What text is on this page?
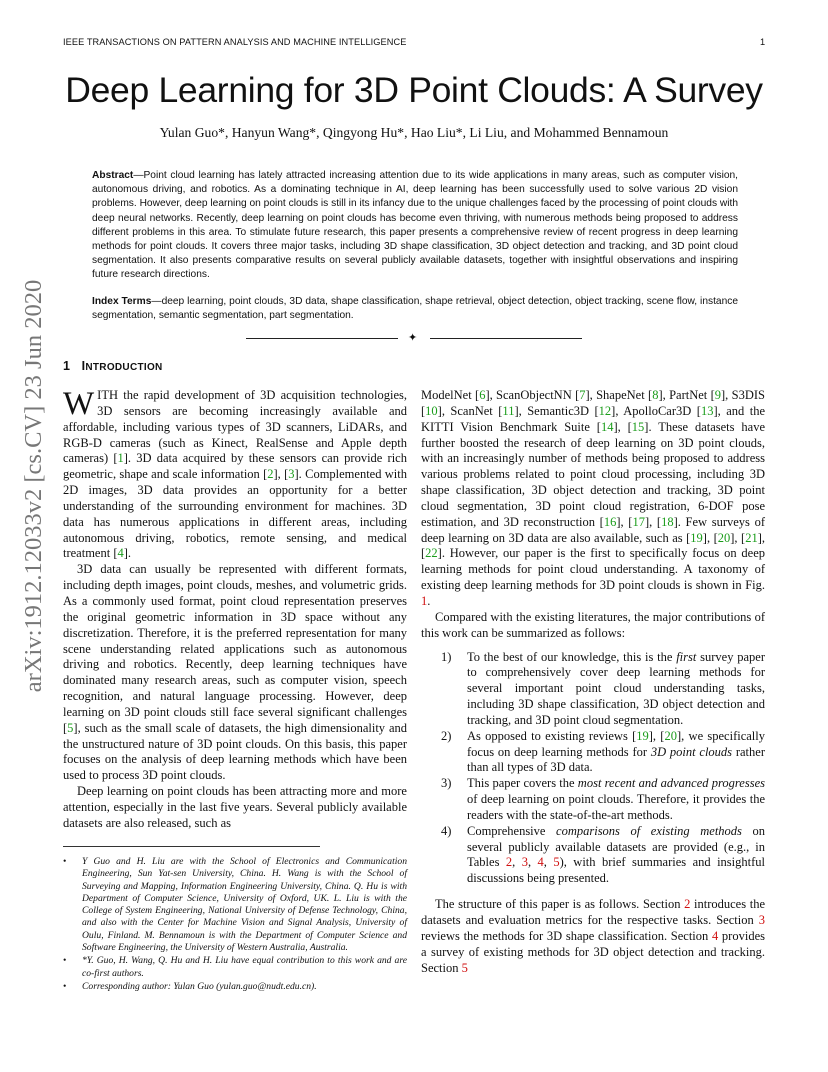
IEEE TRANSACTIONS ON PATTERN ANALYSIS AND MACHINE INTELLIGENCE	1
Deep Learning for 3D Point Clouds: A Survey
Yulan Guo*, Hanyun Wang*, Qingyong Hu*, Hao Liu*, Li Liu, and Mohammed Bennamoun

Abstract—Point cloud learning has lately attracted increasing attention due to its wide applications in many areas, such as computer vision, autonomous driving, and robotics. As a dominating technique in AI, deep learning has been successfully used to solve various 2D vision problems. However, deep learning on point clouds is still in its infancy due to the unique challenges faced by the processing of point clouds with deep neural networks. Recently, deep learning on point clouds has become even thriving, with numerous methods being proposed to address different problems in this area. To stimulate future research, this paper presents a comprehensive review of recent progress in deep learning methods for point clouds. It covers three major tasks, including 3D shape classification, 3D object detection and tracking, and 3D point cloud segmentation. It also presents comparative results on several publicly available datasets, together with insightful observations and inspiring future research directions.

Index Terms—deep learning, point clouds, 3D data, shape classification, shape retrieval, object detection, object tracking, scene flow, instance segmentation, semantic segmentation, part segmentation.

✦
arXiv:1912.12033v2 [cs.CV] 23 Jun 2020 1 INTRODUCTION

WITH the rapid development of 3D acquisition technologies, 3D sensors are becoming increasingly available and affordable, including various types of 3D scanners, LiDARs, and RGB-D cameras (such as Kinect, RealSense and Apple depth cameras) [1]. 3D data acquired by these sensors can provide rich geometric, shape and scale information [2], [3]. Complemented with 2D images, 3D data provides an opportunity for a better understanding of the surrounding environment for machines. 3D data has numerous applications in different areas, including autonomous driving, robotics, remote sensing, and medical treatment [4].

3D data can usually be represented with different formats, including depth images, point clouds, meshes, and volumetric grids. As a commonly used format, point cloud representation preserves the original geometric information in 3D space without any discretization. Therefore, it is the preferred representation for many scene understanding related applications such as autonomous driving and robotics. Recently, deep learning techniques have dominated many research areas, such as computer vision, speech recognition, and natural language processing. However, deep learning on 3D point clouds still face several significant challenges [5], such as the small scale of datasets, the high dimensionality and the unstructured nature of 3D point clouds. On this basis, this paper focuses on the analysis of deep learning methods which have been used to process 3D point clouds.

Deep learning on point clouds has been attracting more and more attention, especially in the last five years. Several publicly available datasets are also released, such as

• Y Guo and H. Liu are with the School of Electronics and Communication Engineering, Sun Yat-sen University, China. H. Wang is with the School of Surveying and Mapping, Information Engineering University, China. Q. Hu is with Department of Computer Science, University of Oxford, UK. L. Liu is with the College of System Engineering, National University of Defense Technology, China, and also with the Center for Machine Vision and Signal Analysis, University of Oulu, Finland. M. Bennamoun is with the Department of Computer Science and Software Engineering, the University of Western Australia, Australia.
• *Y. Guo, H. Wang, Q. Hu and H. Liu have equal contribution to this work and are co-first authors.
• Corresponding author: Yulan Guo (yulan.guo@nudt.edu.cn).

ModelNet [6], ScanObjectNN [7], ShapeNet [8], PartNet [9], S3DIS [10], ScanNet [11], Semantic3D [12], ApolloCar3D [13], and the KITTI Vision Benchmark Suite [14], [15]. These datasets have further boosted the research of deep learning on 3D point clouds, with an increasingly number of methods being proposed to address various problems related to point cloud processing, including 3D shape classification, 3D object detection and tracking, 3D point cloud segmentation, 3D point cloud registration, 6-DOF pose estimation, and 3D reconstruction [16], [17], [18]. Few surveys of deep learning on 3D data are also available, such as [19], [20], [21], [22]. However, our paper is the first to specifically focus on deep learning methods for point cloud understanding. A taxonomy of existing deep learning methods for 3D point clouds is shown in Fig. 1.

Compared with the existing literatures, the major contributions of this work can be summarized as follows:

1) To the best of our knowledge, this is the first survey paper to comprehensively cover deep learning methods for several important point cloud understanding tasks, including 3D shape classification, 3D object detection and tracking, and 3D point cloud segmentation.
2) As opposed to existing reviews [19], [20], we specifically focus on deep learning methods for 3D point clouds rather than all types of 3D data.
3) This paper covers the most recent and advanced progresses of deep learning on point clouds. Therefore, it provides the readers with the state-of-the-art methods.
4) Comprehensive comparisons of existing methods on several publicly available datasets are provided (e.g., in Tables 2, 3, 4, 5), with brief summaries and insightful discussions being presented.

The structure of this paper is as follows. Section 2 introduces the datasets and evaluation metrics for the respective tasks. Section 3 reviews the methods for 3D shape classification. Section 4 provides a survey of existing methods for 3D object detection and tracking. Section 5
